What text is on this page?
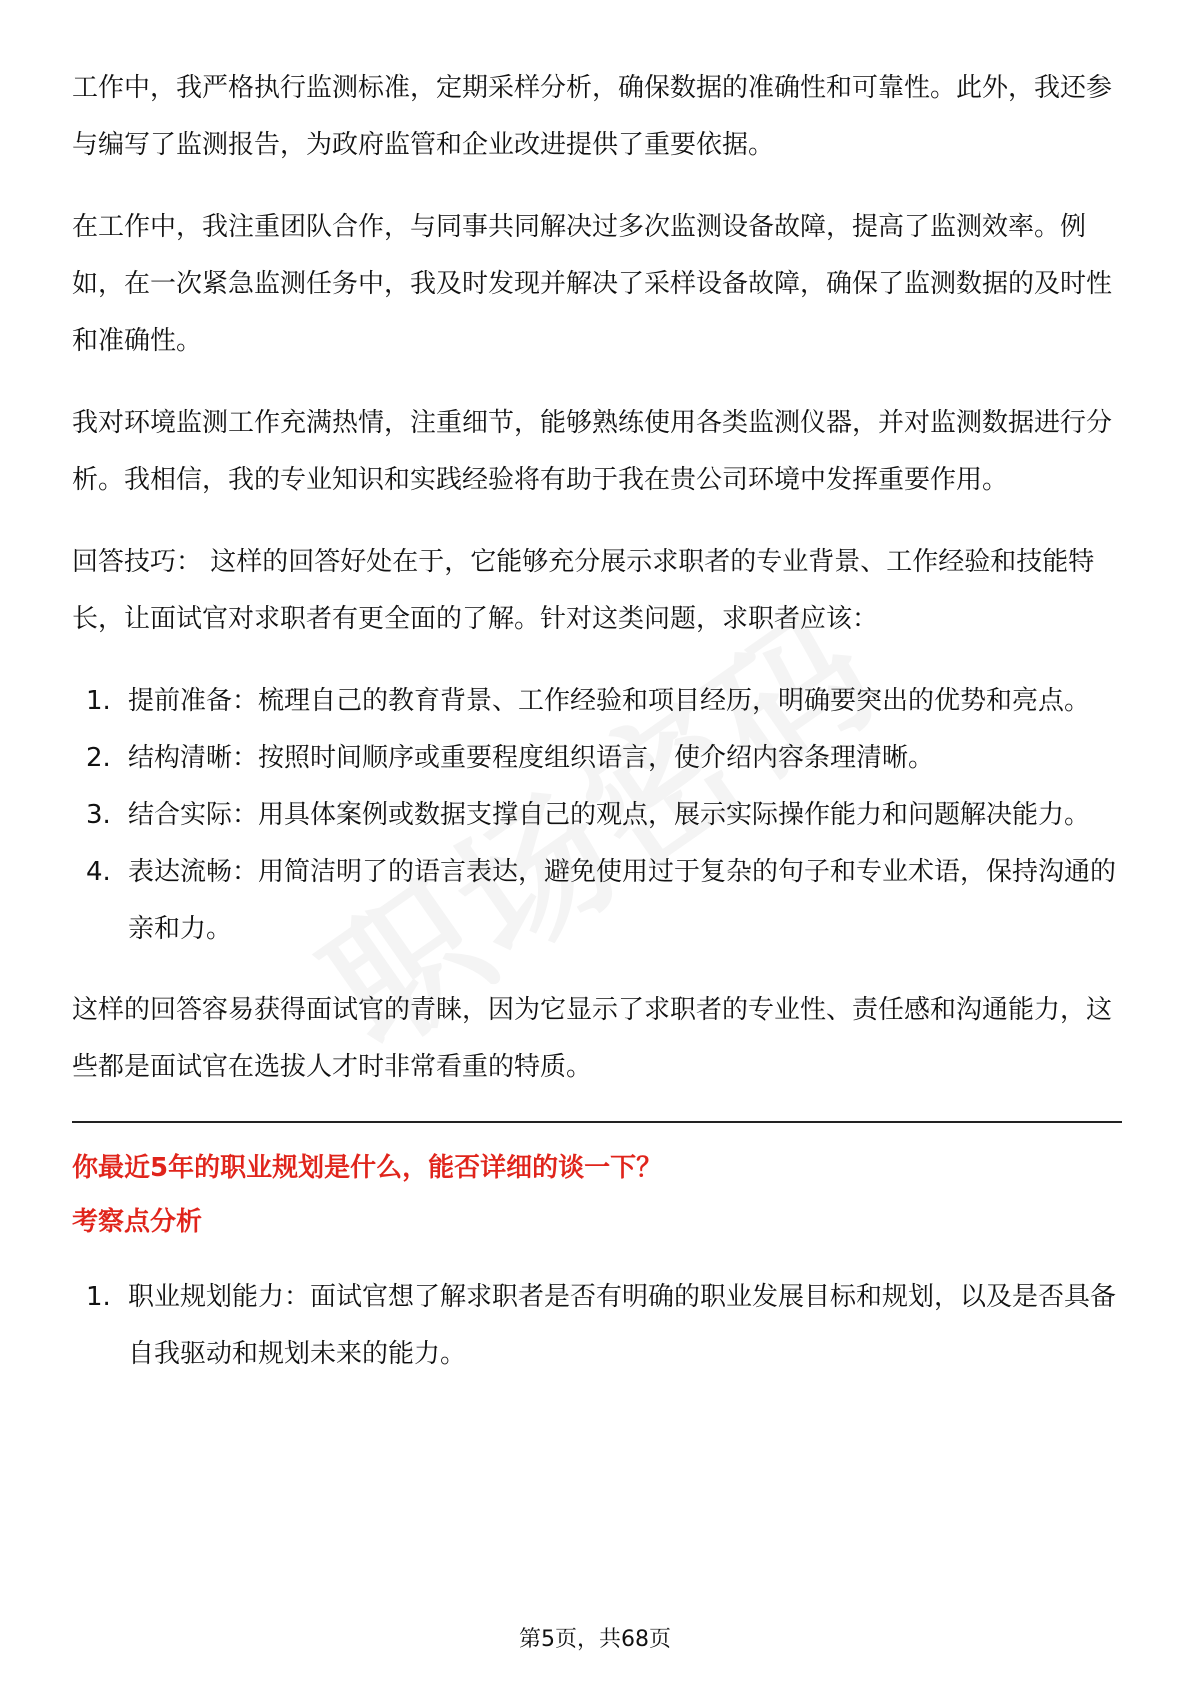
工作中，我严格执行监测标准，定期采样分析，确保数据的准确性和可靠性。此外，我还参与编写了监测报告，为政府监管和企业改进提供了重要依据。

在工作中，我注重团队合作，与同事共同解决过多次监测设备故障，提高了监测效率。例如，在一次紧急监测任务中，我及时发现并解决了采样设备故障，确保了监测数据的及时性和准确性。

我对环境监测工作充满热情，注重细节，能够熟练使用各类监测仪器，并对监测数据进行分析。我相信，我的专业知识和实践经验将有助于我在贵公司环境中发挥重要作用。

回答技巧： 这样的回答好处在于，它能够充分展示求职者的专业背景、工作经验和技能特长，让面试官对求职者有更全面的了解。针对这类问题，求职者应该：

1. 提前准备：梳理自己的教育背景、工作经验和项目经历，明确要突出的优势和亮点。
2. 结构清晰：按照时间顺序或重要程度组织语言，使介绍内容条理清晰。
3. 结合实际：用具体案例或数据支撑自己的观点，展示实际操作能力和问题解决能力。
4. 表达流畅：用简洁明了的语言表达，避免使用过于复杂的句子和专业术语，保持沟通的亲和力。

这样的回答容易获得面试官的青睐，因为它显示了求职者的专业性、责任感和沟通能力，这些都是面试官在选拔人才时非常看重的特质。

你最近5年的职业规划是什么，能否详细的谈一下？

考察点分析

1. 职业规划能力：面试官想了解求职者是否有明确的职业发展目标和规划，以及是否具备自我驱动和规划未来的能力。
第5页，共68页
